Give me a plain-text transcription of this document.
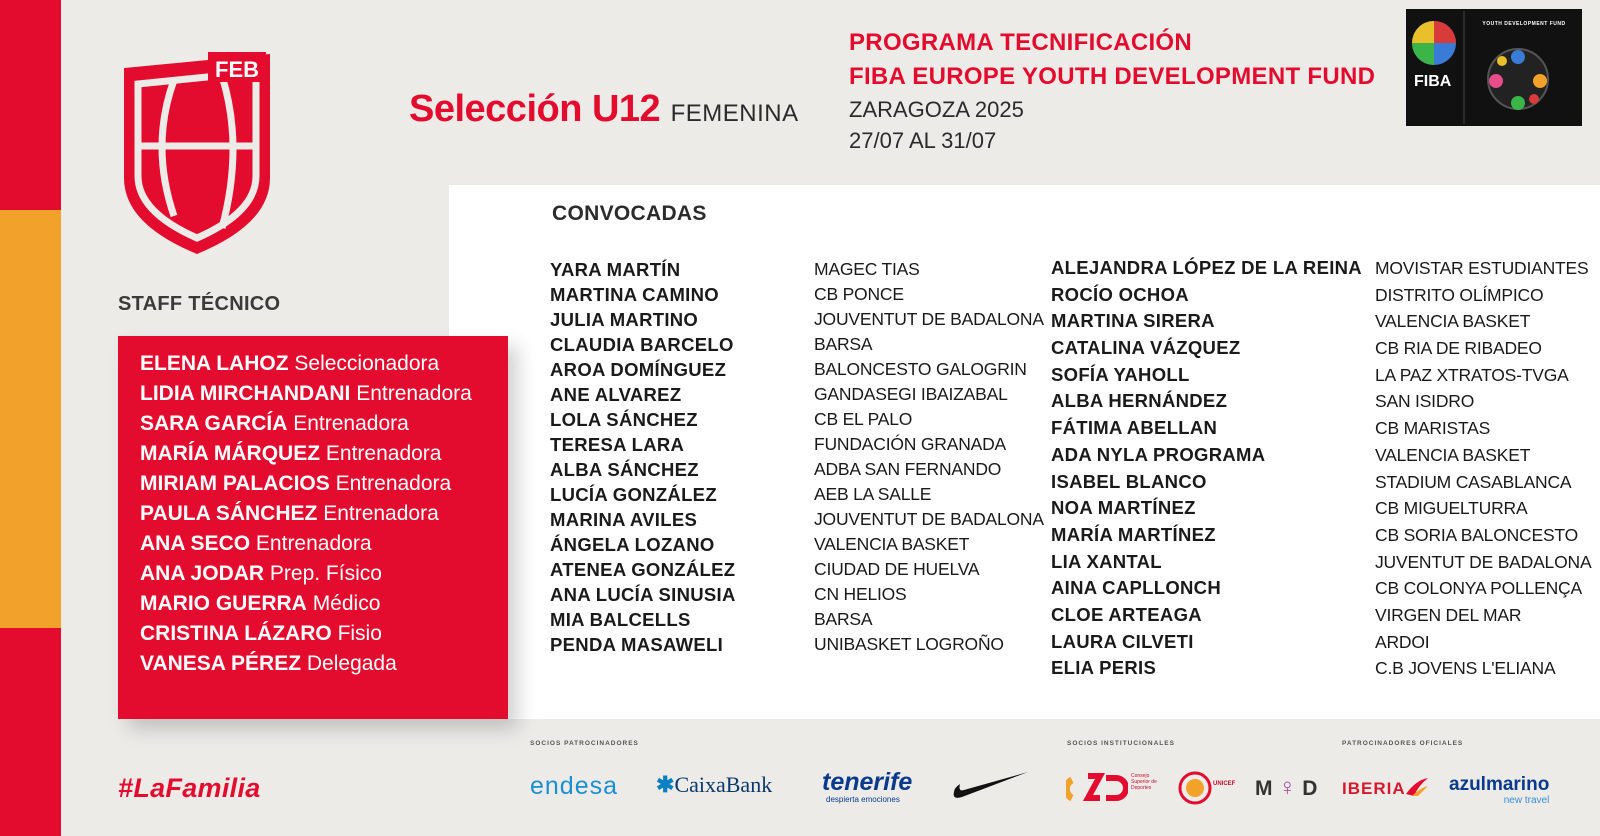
FEB
STAFF TÉCNICO
Selección U12 FEMENINA
PROGRAMA TECNIFICACIÓN
FIBA EUROPE YOUTH DEVELOPMENT FUND
ZARAGOZA 2025
27/07 AL 31/07
FIBA
YOUTH DEVELOPMENT FUND
CONVOCADAS
YARA MARTÍN
MARTINA CAMINO
JULIA MARTINO
CLAUDIA BARCELO
AROA DOMÍNGUEZ
ANE ALVAREZ
LOLA SÁNCHEZ
TERESA LARA
ALBA SÁNCHEZ
LUCÍA GONZÁLEZ
MARINA AVILES
ÁNGELA LOZANO
ATENEA GONZÁLEZ
ANA LUCÍA SINUSIA
MIA BALCELLS
PENDA MASAWELI
MAGEC TIAS
CB PONCE
JOUVENTUT DE BADALONA
BARSA
BALONCESTO GALOGRIN
GANDASEGI IBAIZABAL
CB EL PALO
FUNDACIÓN GRANADA
ADBA SAN FERNANDO
AEB LA SALLE
JOUVENTUT DE BADALONA
VALENCIA BASKET
CIUDAD DE HUELVA
CN HELIOS
BARSA
UNIBASKET LOGROÑO
ALEJANDRA LÓPEZ DE LA REINA
ROCÍO OCHOA
MARTINA SIRERA
CATALINA VÁZQUEZ
SOFÍA YAHOLL
ALBA HERNÁNDEZ
FÁTIMA ABELLAN
ADA NYLA PROGRAMA
ISABEL BLANCO
NOA MARTÍNEZ
MARÍA MARTÍNEZ
LIA XANTAL
AINA CAPLLONCH
CLOE ARTEAGA
LAURA CILVETI
ELIA PERIS
MOVISTAR ESTUDIANTES
DISTRITO OLÍMPICO
VALENCIA BASKET
CB RIA DE RIBADEO
LA PAZ XTRATOS-TVGA
SAN ISIDRO
CB MARISTAS
VALENCIA BASKET
STADIUM CASABLANCA
CB MIGUELTURRA
CB SORIA BALONCESTO
JUVENTUT DE BADALONA
CB COLONYA POLLENÇA
VIRGEN DEL MAR
ARDOI
C.B JOVENS L'ELIANA
ELENA LAHOZ Seleccionadora
LIDIA MIRCHANDANI Entrenadora
SARA GARCÍA Entrenadora
MARÍA MÁRQUEZ Entrenadora
MIRIAM PALACIOS Entrenadora
PAULA SÁNCHEZ Entrenadora
ANA SECO Entrenadora
ANA JODAR Prep. Físico
MARIO GUERRA Médico
CRISTINA LÁZARO Fisio
VANESA PÉREZ Delegada
#LaFamilia
SOCIOS PATROCINADORES	SOCIOS INSTITUCIONALES	PATROCINADORES OFICIALES
endesa ✱CaixaBank tenerife
despierta emociones
Consejo Superior de Deportes
UNICEF M ♀ D IBERIA azulmarino
new travel
